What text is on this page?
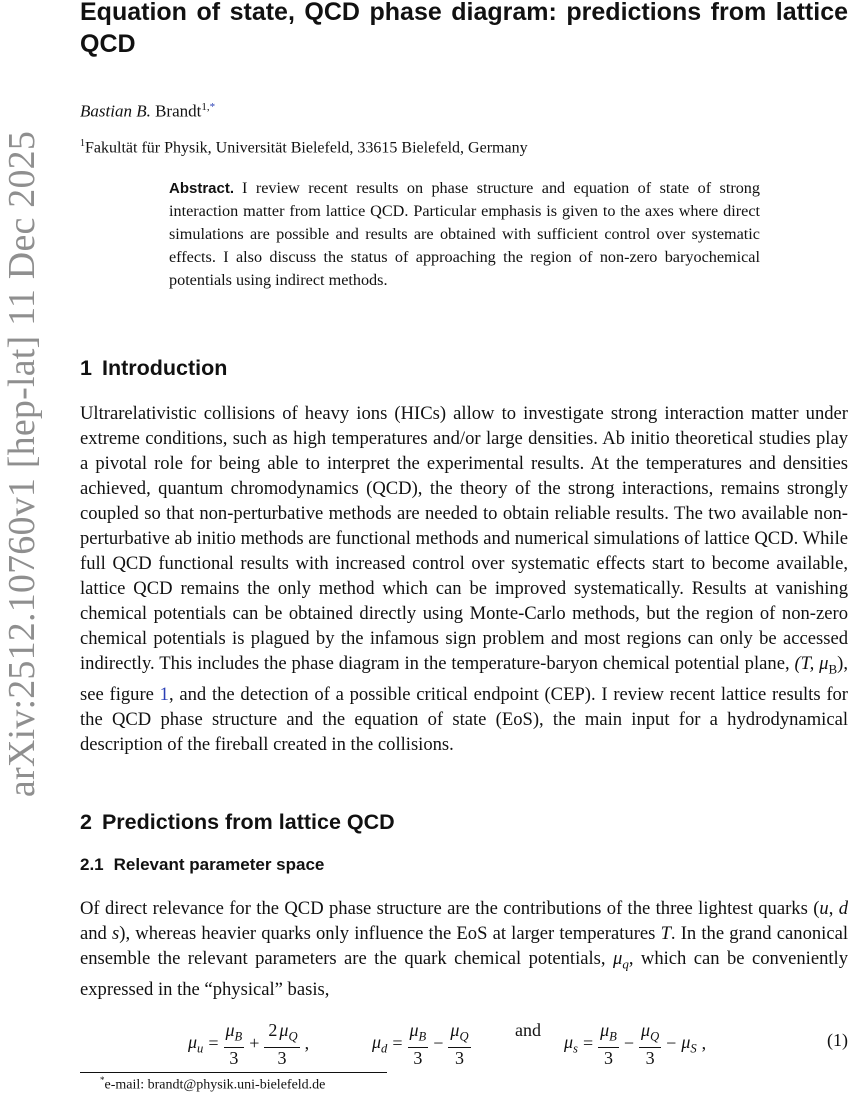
arXiv:2512.10760v1 [hep-lat] 11 Dec 2025
Equation of state, QCD phase diagram: predictions from lattice QCD
Bastian B. Brandt$^{1,*}$
$^1$Fakultät für Physik, Universität Bielefeld, 33615 Bielefeld, Germany
Abstract. I review recent results on phase structure and equation of state of strong interaction matter from lattice QCD. Particular emphasis is given to the axes where direct simulations are possible and results are obtained with sufficient control over systematic effects. I also discuss the status of approaching the region of non-zero baryochemical potentials using indirect methods.
1 Introduction

Ultrarelativistic collisions of heavy ions (HICs) allow to investigate strong interaction matter under extreme conditions, such as high temperatures and/or large densities. Ab initio theoretical studies play a pivotal role for being able to interpret the experimental results. At the temperatures and densities achieved, quantum chromodynamics (QCD), the theory of the strong interactions, remains strongly coupled so that non-perturbative methods are needed to obtain reliable results. The two available non-perturbative ab initio methods are functional methods and numerical simulations of lattice QCD. While full QCD functional results with increased control over systematic effects start to become available, lattice QCD remains the only method which can be improved systematically. Results at vanishing chemical potentials can be obtained directly using Monte-Carlo methods, but the region of non-zero chemical potentials is plagued by the infamous sign problem and most regions can only be accessed indirectly. This includes the phase diagram in the temperature-baryon chemical potential plane, (T, $\mu_B$), see figure 1, and the detection of a possible critical endpoint (CEP). I review recent lattice results for the QCD phase structure and the equation of state (EoS), the main input for a hydrodynamical description of the fireball created in the collisions.

2 Predictions from lattice QCD
2.1 Relevant parameter space

Of direct relevance for the QCD phase structure are the contributions of the three lightest quarks (u, d and s), whereas heavier quarks only influence the EoS at larger temperatures T. In the grand canonical ensemble the relevant parameters are the quark chemical potentials, $\mu_q$, which can be conveniently expressed in the “physical” basis,

$\mu_u = \frac{\mu_B}{3} + \frac{2 \mu_Q}{3}$ ,	$\mu_d = \frac{\mu_B}{3} - \frac{\mu_Q}{3}$ and
$\mu_s = \frac{\mu_B}{3} - \frac{\mu_Q}{3} - \mu_S$ ,	(1)
*e-mail: brandt@physik.uni-bielefeld.de
